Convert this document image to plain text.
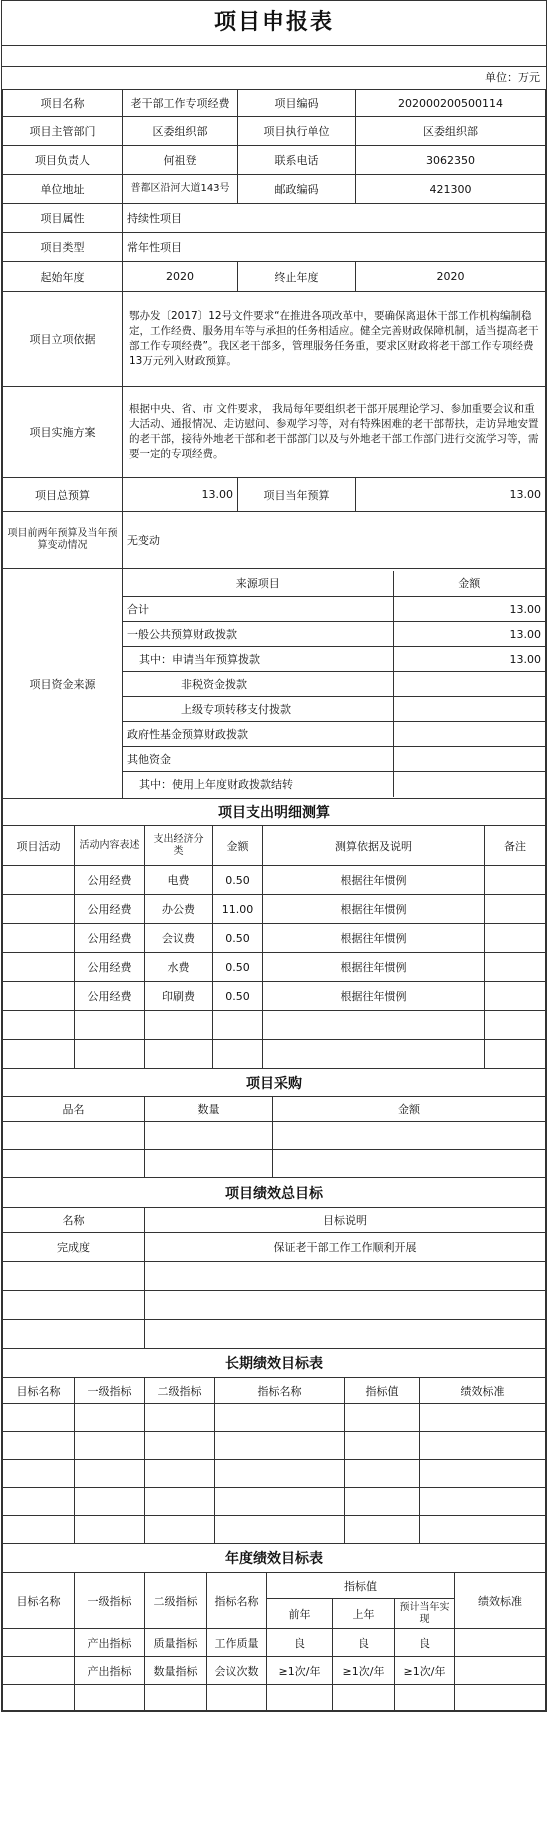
项目申报表
单位：万元
项目名称	老干部工作专项经费	项目编码	202000200500114
项目主管部门	区委组织部	项目执行单位	区委组织部
项目负责人	何祖登	联系电话	3062350
单位地址	普都区沿河大道143号	邮政编码	421300
项目属性	持续性项目
项目类型	常年性项目
起始年度	2020	终止年度	2020
项目立项依据	鄂办发〔2017〕12号文件要求“在推进各项改革中，要确保离退休干部工作机构编制稳定，工作经费、服务用车等与承担的任务相适应。健全完善财政保障机制，适当提高老干部工作专项经费”。我区老干部多，管理服务任务重，要求区财政将老干部工作专项经费13万元列入财政预算。
项目实施方案	根据中央、省、市 文件要求， 我局每年要组织老干部开展理论学习、参加重要会议和重大活动、通报情况、走访慰问、参观学习等，对有特殊困难的老干部帮扶，走访异地安置的老干部，接待外地老干部和老干部部门以及与外地老干部工作部门进行交流学习等，需要一定的专项经费。
项目总预算	13.00	项目当年预算	13.00
项目前两年预算及当年预算变动情况	无变动
项目资金来源	
来源项目	金额
合计	13.00
一般公共预算财政拨款	13.00
其中：申请当年预算拨款	13.00
非税资金拨款	
上级专项转移支付拨款	
政府性基金预算财政拨款	
其他资金	
其中：使用上年度财政拨款结转	
项目支出明细测算					
项目活动	活动内容表述	支出经济分类	金额	测算依据及说明	备注
	公用经费	电费	0.50	根据往年惯例	
	公用经费	办公费	11.00	根据往年惯例	
	公用经费	会议费	0.50	根据往年惯例	
	公用经费	水费	0.50	根据往年惯例	
	公用经费	印刷费	0.50	根据往年惯例	

项目采购		
品名	数量	金额

项目绩效总目标	
名称	目标说明
完成度	保证老干部工作工作顺利开展

长期绩效目标表					
目标名称	一级指标	二级指标	指标名称	指标值	绩效标准

年度绩效目标表							
目标名称	一级指标	二级指标	指标名称	指标值			绩效标准
				前年	上年	预计当年实现	
	产出指标	质量指标	工作质量	良	良	良	
	产出指标	数量指标	会议次数	≥1次/年	≥1次/年	≥1次/年	
